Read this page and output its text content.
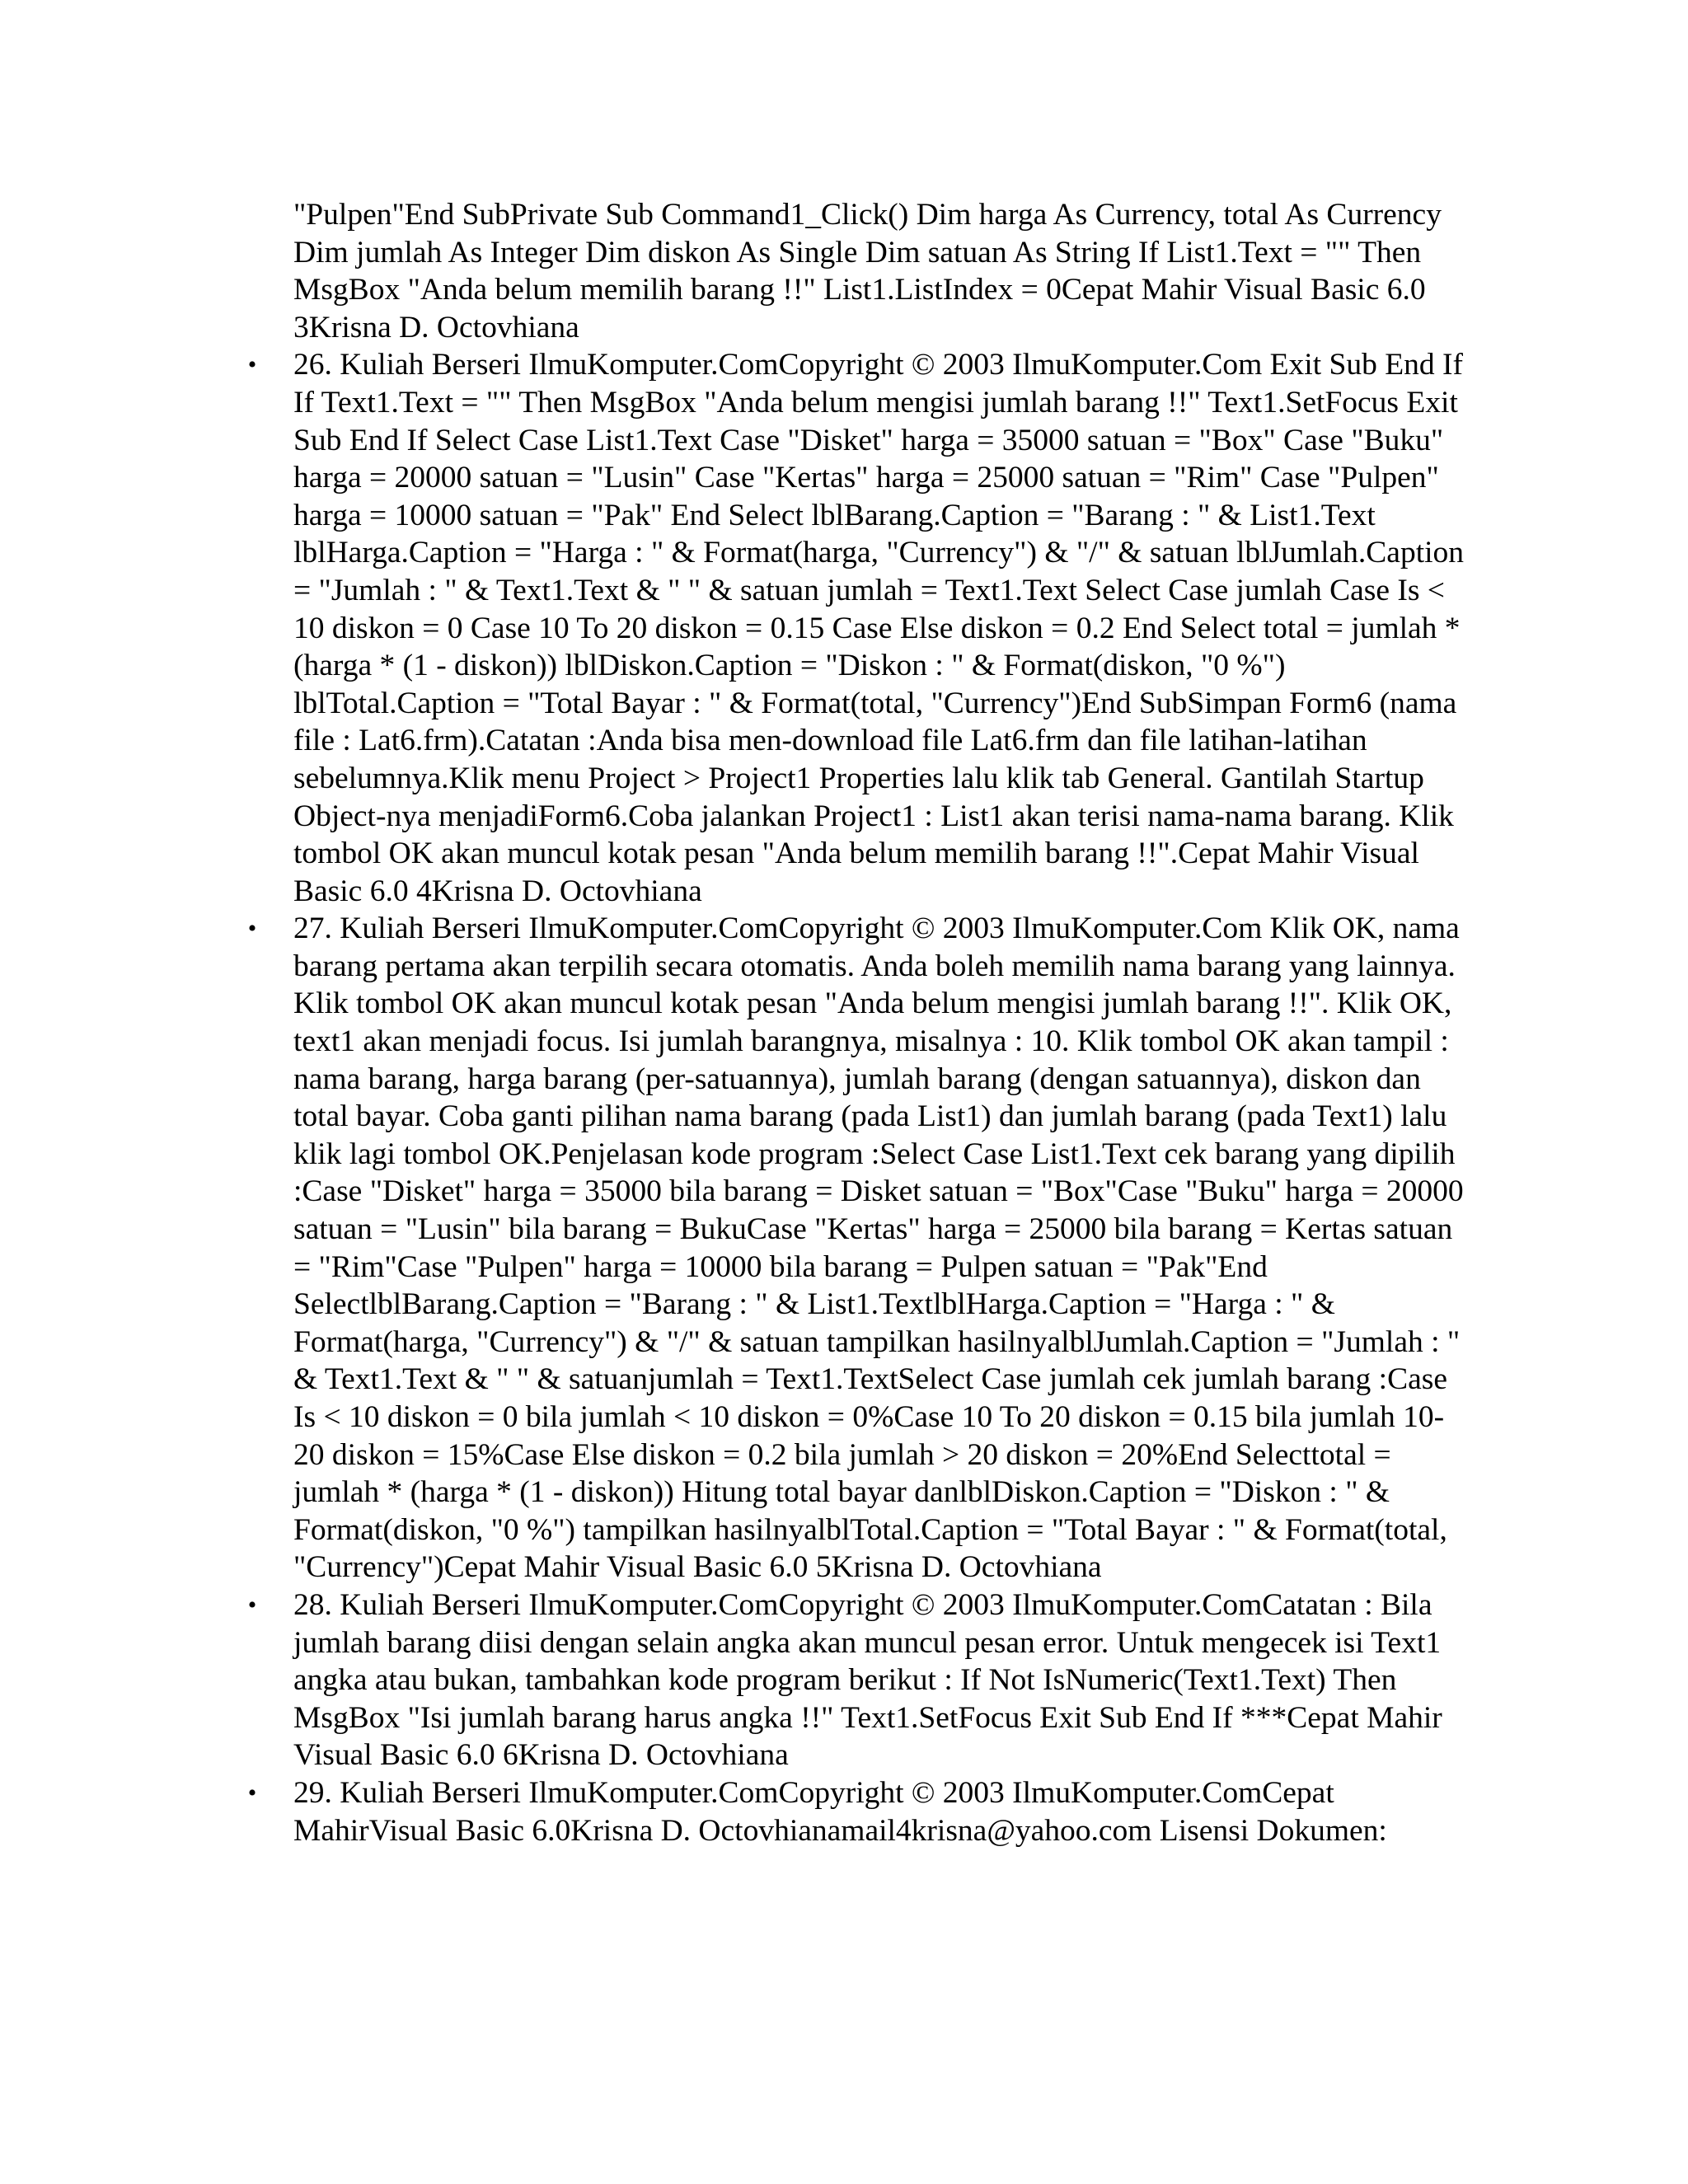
"Pulpen"End SubPrivate Sub Command1_Click() Dim harga As Currency, total As Currency Dim jumlah As Integer Dim diskon As Single Dim satuan As String If List1.Text = "" Then MsgBox "Anda belum memilih barang !!" List1.ListIndex = 0Cepat Mahir Visual Basic 6.0 3Krisna D. Octovhiana

• 26. Kuliah Berseri IlmuKomputer.ComCopyright © 2003 IlmuKomputer.Com Exit Sub End If If Text1.Text = "" Then MsgBox "Anda belum mengisi jumlah barang !!" Text1.SetFocus Exit Sub End If Select Case List1.Text Case "Disket" harga = 35000 satuan = "Box" Case "Buku" harga = 20000 satuan = "Lusin" Case "Kertas" harga = 25000 satuan = "Rim" Case "Pulpen" harga = 10000 satuan = "Pak" End Select lblBarang.Caption = "Barang : " & List1.Text lblHarga.Caption = "Harga : " & Format(harga, "Currency") & "/" & satuan lblJumlah.Caption = "Jumlah : " & Text1.Text & " " & satuan jumlah = Text1.Text Select Case jumlah Case Is < 10 diskon = 0 Case 10 To 20 diskon = 0.15 Case Else diskon = 0.2 End Select total = jumlah * (harga * (1 - diskon)) lblDiskon.Caption = "Diskon : " & Format(diskon, "0 %") lblTotal.Caption = "Total Bayar : " & Format(total, "Currency")End SubSimpan Form6 (nama file : Lat6.frm).Catatan :Anda bisa men-download file Lat6.frm dan file latihan-latihan sebelumnya.Klik menu Project > Project1 Properties lalu klik tab General. Gantilah Startup Object-nya menjadiForm6.Coba jalankan Project1 : List1 akan terisi nama-nama barang. Klik tombol OK akan muncul kotak pesan "Anda belum memilih barang !!".Cepat Mahir Visual Basic 6.0 4Krisna D. Octovhiana
• 27. Kuliah Berseri IlmuKomputer.ComCopyright © 2003 IlmuKomputer.Com Klik OK, nama barang pertama akan terpilih secara otomatis. Anda boleh memilih nama barang yang lainnya. Klik tombol OK akan muncul kotak pesan "Anda belum mengisi jumlah barang !!". Klik OK, text1 akan menjadi focus. Isi jumlah barangnya, misalnya : 10. Klik tombol OK akan tampil : nama barang, harga barang (per-satuannya), jumlah barang (dengan satuannya), diskon dan total bayar. Coba ganti pilihan nama barang (pada List1) dan jumlah barang (pada Text1) lalu klik lagi tombol OK.Penjelasan kode program :Select Case List1.Text cek barang yang dipilih :Case "Disket" harga = 35000 bila barang = Disket satuan = "Box"Case "Buku" harga = 20000 satuan = "Lusin" bila barang = BukuCase "Kertas" harga = 25000 bila barang = Kertas satuan = "Rim"Case "Pulpen" harga = 10000 bila barang = Pulpen satuan = "Pak"End SelectlblBarang.Caption = "Barang : " & List1.TextlblHarga.Caption = "Harga : " & Format(harga, "Currency") & "/" & satuan tampilkan hasilnyalblJumlah.Caption = "Jumlah : " & Text1.Text & " " & satuanjumlah = Text1.TextSelect Case jumlah cek jumlah barang :Case Is < 10 diskon = 0 bila jumlah < 10 diskon = 0%Case 10 To 20 diskon = 0.15 bila jumlah 10-20 diskon = 15%Case Else diskon = 0.2 bila jumlah > 20 diskon = 20%End Selecttotal = jumlah * (harga * (1 - diskon)) Hitung total bayar danlblDiskon.Caption = "Diskon : " & Format(diskon, "0 %") tampilkan hasilnyalblTotal.Caption = "Total Bayar : " & Format(total, "Currency")Cepat Mahir Visual Basic 6.0 5Krisna D. Octovhiana
• 28. Kuliah Berseri IlmuKomputer.ComCopyright © 2003 IlmuKomputer.ComCatatan : Bila jumlah barang diisi dengan selain angka akan muncul pesan error. Untuk mengecek isi Text1 angka atau bukan, tambahkan kode program berikut : If Not IsNumeric(Text1.Text) Then MsgBox "Isi jumlah barang harus angka !!" Text1.SetFocus Exit Sub End If ***Cepat Mahir Visual Basic 6.0 6Krisna D. Octovhiana
• 29. Kuliah Berseri IlmuKomputer.ComCopyright © 2003 IlmuKomputer.ComCepat MahirVisual Basic 6.0Krisna D. Octovhianamail4krisna@yahoo.com Lisensi Dokumen:
